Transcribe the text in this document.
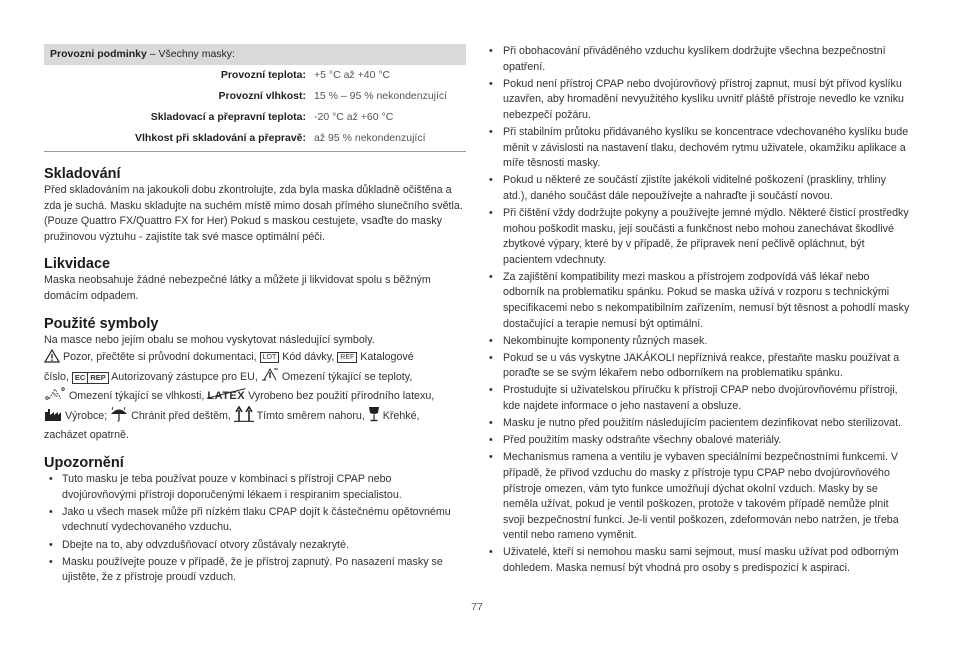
Provozni podminky – Všechny masky:
Provozní teplota: +5 °C až +40 °C
Provozní vlhkost: 15 % – 95 % nekondenzující
Skladovací a přepravní teplota: -20 °C až +60 °C
Vlhkost při skladování a přepravě: až 95 % nekondenzující
Skladování

Před skladováním na jakoukoli dobu zkontrolujte, zda byla maska důkladně očištěna a zda je suchá. Masku skladujte na suchém místě mimo dosah přímého slunečního světla.

(Pouze Quattro FX/Quattro FX for Her) Pokud s maskou cestujete, vsaďte do masky pružinovou výztuhu - zajistíte tak své masce optimální péči.

Likvidace

Maska neobsahuje žádné nebezpečné látky a můžete ji likvidovat spolu s běžným domácím odpadem.

Použité symboly

Na masce nebo jejím obalu se mohou vyskytovat následující symboly.

Pozor, přečtěte si průvodní dokumentaci, LOT Kód dávky, REF Katalogové
číslo, EC REP Autorizovaný zástupce pro EU,  Omezení týkající se teploty,
% Omezení týkající se vlhkosti, LATEX Vyrobeno bez použití přírodního latexu,
Výrobce;  Chránit před deštěm,  Tímto směrem nahoru,  Křehké,
zacházet opatrně.
Upozornění
• Tuto masku je teba používat pouze v kombinaci s přístroji CPAP nebo dvojúrovňovými přístroji doporučenými lékaem i respiranim specialistou.
• Jako u všech masek může při nízkém tlaku CPAP dojít k částečnému opětovnému vdechnutí vydechovaného vzduchu.
• Dbejte na to, aby odvzdušňovací otvory zůstávaly nezakryté.
• Masku používejte pouze v případě, že je přístroj zapnutý. Po nasazení masky se ujistěte, že z přístroje proudí vzduch.
• Při obohacování přiváděného vzduchu kyslíkem dodržujte všechna bezpečnostní opatření.
• Pokud není přístroj CPAP nebo dvojúrovňový přístroj zapnut, musí být přívod kyslíku uzavřen, aby hromadění nevyužitého kyslíku uvnitř pláště přístroje nevedlo ke vzniku nebezpečí požáru.
• Při stabilním průtoku přidávaného kyslíku se koncentrace vdechovaného kyslíku bude měnit v závislosti na nastavení tlaku, dechovém rytmu uživatele, okamžiku aplikace a míře těsnosti masky.
• Pokud u některé ze součástí zjistíte jakékoli viditelné poškození (praskliny, trhliny atd.), daného součást dále nepoužívejte a nahraďte ji součástí novou.
• Při čištění vždy dodržujte pokyny a používejte jemné mýdlo. Některé čisticí prostředky mohou poškodit masku, její součásti a funkčnost nebo mohou zanechávat škodlivé zbytkové výpary, které by v případě, že přípravek není pečlivě opláchnut, být pacientem vdechnuty.
• Za zajištění kompatibility mezi maskou a přístrojem zodpovídá váš lékař nebo odborník na problematiku spánku. Pokud se maska užívá v rozporu s technickými specifikacemi nebo s nekompatibilním zařízením, nemusí být těsnost a pohodlí masky dostačující a terapie nemusí být optimální.
• Nekombinujte komponenty různých masek.
• Pokud se u vás vyskytne JAKÁKOLI nepříznivá reakce, přestaňte masku používat a poraďte se se svým lékařem nebo odborníkem na problematiku spánku.
• Prostudujte si uživatelskou příručku k přístroji CPAP nebo dvojúrovňovému přístroji, kde najdete informace o jeho nastavení a obsluze.
• Masku je nutno před použitím následujícím pacientem dezinfikovat nebo sterilizovat.
• Před použitím masky odstraňte všechny obalové materiály.
• Mechanismus ramena a ventilu je vybaven speciálními bezpečnostními funkcemi. V případě, že přívod vzduchu do masky z přístroje typu CPAP nebo dvojúrovňového přístroje omezen, vám tyto funkce umožňují dýchat okolní vzduch. Masky by se neměla užívat, pokud je ventil poškozen, protože v takovém případě nemůže plnit svoji bezpečnostní funkci. Je-li ventil poškozen, zdeformován nebo natržen, je třeba ventil nebo rameno vyměnit.
• Uživatelé, kteří si nemohou masku sami sejmout, musí masku užívat pod odborným dohledem. Maska nemusí být vhodná pro osoby s predispozicí k aspiraci.
77
